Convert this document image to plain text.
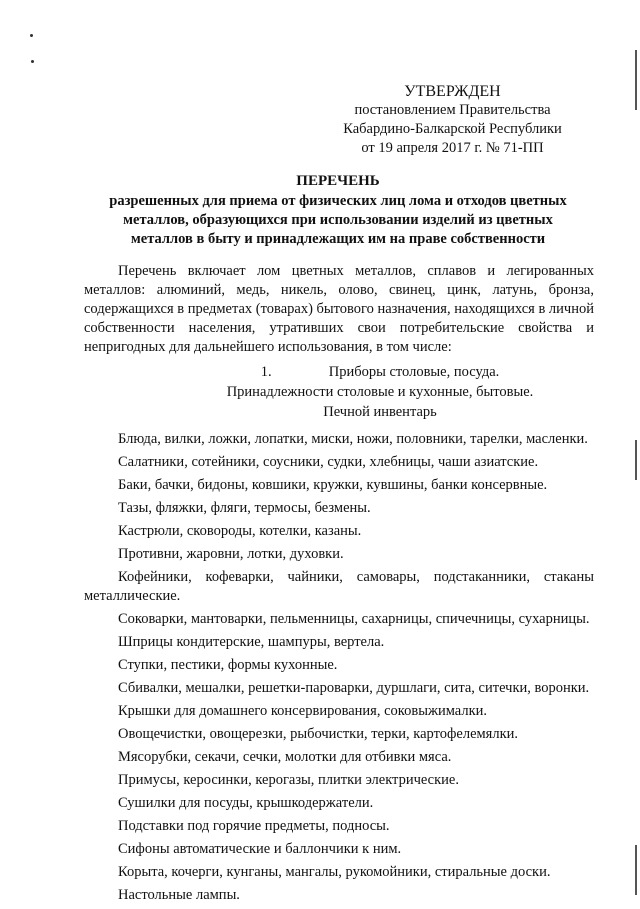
УТВЕРЖДЕН
постановлением Правительства
Кабардино-Балкарской Республики
от 19 апреля 2017 г. № 71-ПП
ПЕРЕЧЕНЬ
разрешенных для приема от физических лиц лома и отходов цветных
металлов, образующихся при использовании изделий из цветных
металлов в быту и принадлежащих им на праве собственности
Перечень включает лом цветных металлов, сплавов и легированных металлов: алюминий, медь, никель, олово, свинец, цинк, латунь, бронза, содержащихся в предметах (товарах) бытового назначения, находящихся в личной собственности населения, утративших свои потребительские свойства и непригодных для дальнейшего использования, в том числе:
1.	Приборы столовые, посуда.
Принадлежности столовые и кухонные, бытовые.
Печной инвентарь
Блюда, вилки, ложки, лопатки, миски, ножи, половники, тарелки, масленки.
Салатники, сотейники, соусники, судки, хлебницы, чаши азиатские.
Баки, бачки, бидоны, ковшики, кружки, кувшины, банки консервные.
Тазы, фляжки, фляги, термосы, безмены.
Кастрюли, сковороды, котелки, казаны.
Противни, жаровни, лотки, духовки.
Кофейники, кофеварки, чайники, самовары, подстаканники, стаканы металлические.
Соковарки, мантоварки, пельменницы, сахарницы, спичечницы, сухарницы.
Шприцы кондитерские, шампуры, вертела.
Ступки, пестики, формы кухонные.
Сбивалки, мешалки, решетки-пароварки, дуршлаги, сита, ситечки, воронки.
Крышки для домашнего консервирования, соковыжималки.
Овощечистки, овощерезки, рыбочистки, терки, картофелемялки.
Мясорубки, секачи, сечки, молотки для отбивки мяса.
Примусы, керосинки, керогазы, плитки электрические.
Сушилки для посуды, крышкодержатели.
Подставки под горячие предметы, подносы.
Сифоны автоматические и баллончики к ним.
Корыта, кочерги, кунганы, мангалы, рукомойники, стиральные доски.
Настольные лампы.
